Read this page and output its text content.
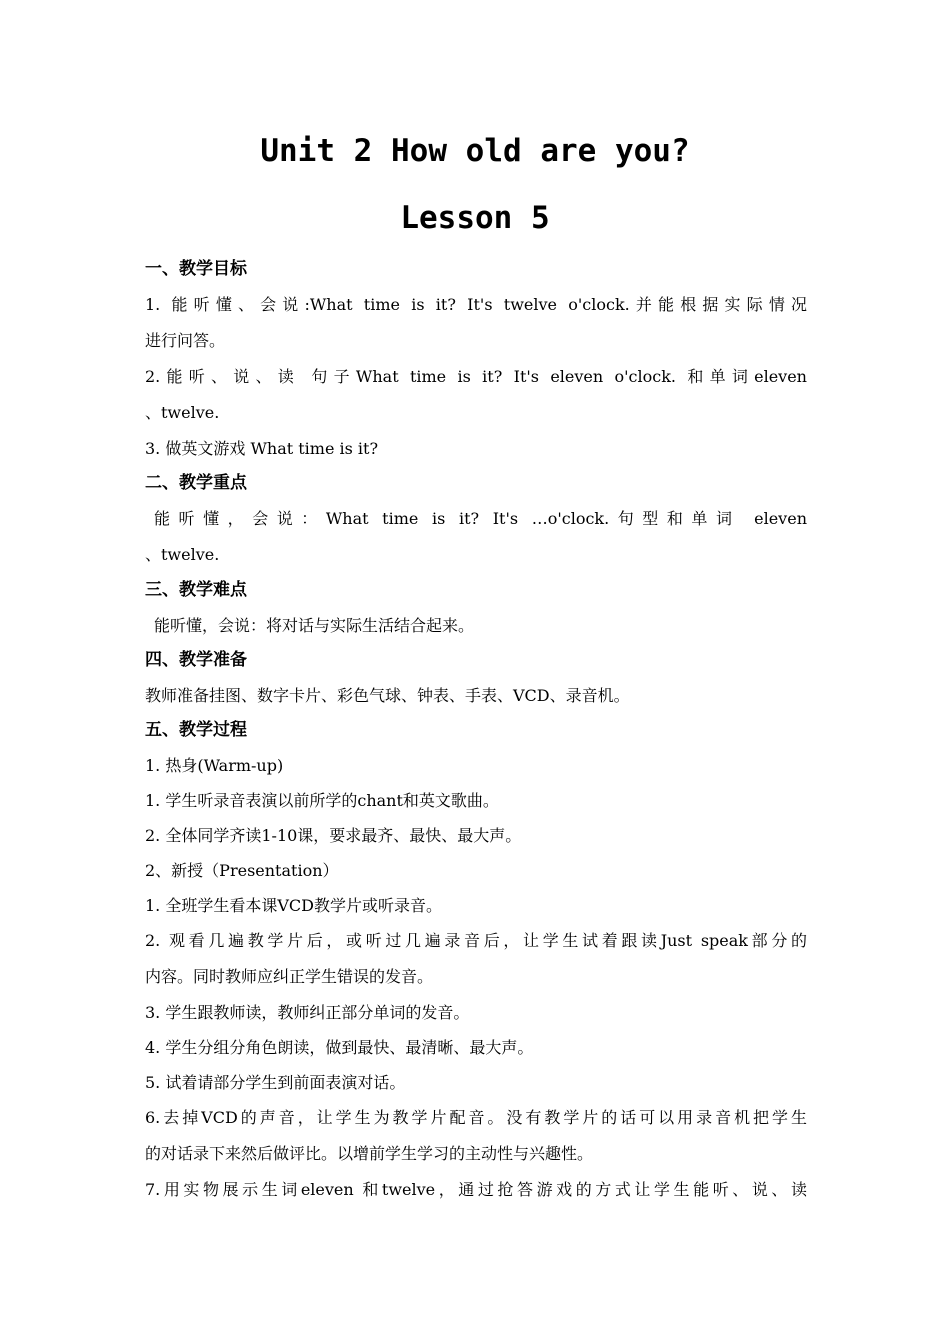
Unit 2 How old are you?
Lesson 5
一、教学目标
1. 能听懂、会说:What time is it? It's twelve o'clock.并能根据实际情况
进行问答。
2.能听、说、读 句子What time is it? It's eleven o'clock. 和单词eleven
、twelve.
3. 做英文游戏 What time is it?
二、教学重点
能听懂，会说：What time is it? It's …o'clock.句型和单词 eleven
、twelve.
三、教学难点
能听懂，会说：将对话与实际生活结合起来。
四、教学准备
教师准备挂图、数字卡片、彩色气球、钟表、手表、VCD、录音机。
五、教学过程
1. 热身(Warm-up)
1. 学生听录音表演以前所学的chant和英文歌曲。
2. 全体同学齐读1-10课，要求最齐、最快、最大声。
2、新授（Presentation）
1. 全班学生看本课VCD教学片或听录音。
2. 观看几遍教学片后，或听过几遍录音后，让学生试着跟读Just speak部分的
内容。同时教师应纠正学生错误的发音。
3. 学生跟教师读，教师纠正部分单词的发音。
4. 学生分组分角色朗读，做到最快、最清晰、最大声。
5. 试着请部分学生到前面表演对话。
6.去掉VCD的声音，让学生为教学片配音。没有教学片的话可以用录音机把学生
的对话录下来然后做评比。以增前学生学习的主动性与兴趣性。
7.用实物展示生词eleven 和twelve，通过抢答游戏的方式让学生能听、说、读
